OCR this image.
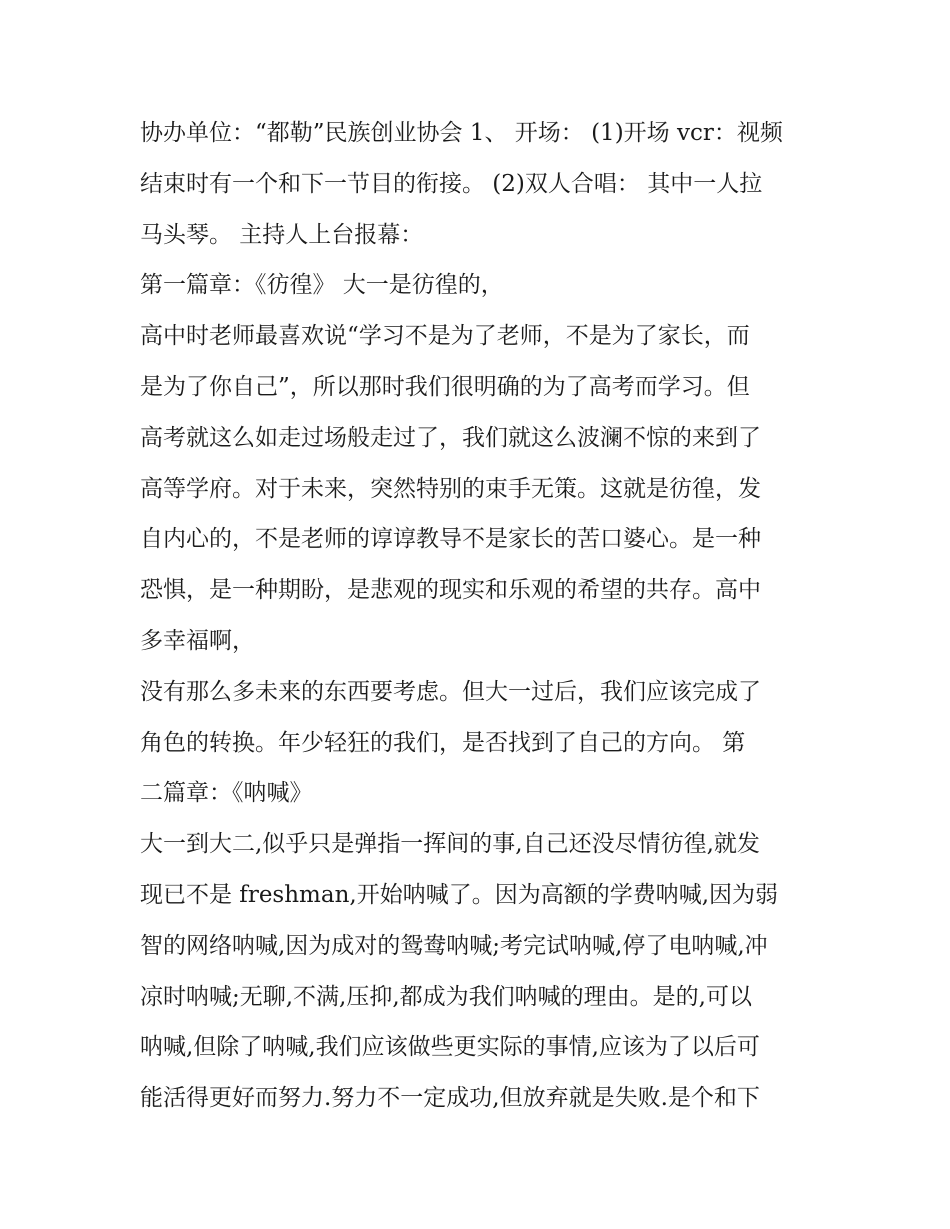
协办单位：“都勒”民族创业协会 1、 开场： (1)开场 vcr：视频

结束时有一个和下一节目的衔接。 (2)双人合唱： 其中一人拉

马头琴。 主持人上台报幕：

第一篇章：《彷徨》 大一是彷徨的，

高中时老师最喜欢说“学习不是为了老师，不是为了家长，而

是为了你自己”，所以那时我们很明确的为了高考而学习。但

高考就这么如走过场般走过了，我们就这么波澜不惊的来到了

高等学府。对于未来，突然特别的束手无策。这就是彷徨，发

自内心的，不是老师的谆谆教导不是家长的苦口婆心。是一种

恐惧，是一种期盼，是悲观的现实和乐观的希望的共存。高中

多幸福啊，

没有那么多未来的东西要考虑。但大一过后，我们应该完成了

角色的转换。年少轻狂的我们，是否找到了自己的方向。 第

二篇章：《呐喊》

大一到大二,似乎只是弹指一挥间的事,自己还没尽情彷徨,就发

现已不是 freshman,开始呐喊了。因为高额的学费呐喊,因为弱

智的网络呐喊,因为成对的鸳鸯呐喊;考完试呐喊,停了电呐喊,冲

凉时呐喊;无聊,不满,压抑,都成为我们呐喊的理由。是的,可以

呐喊,但除了呐喊,我们应该做些更实际的事情,应该为了以后可

能活得更好而努力.努力不一定成功,但放弃就是失败.是个和下
